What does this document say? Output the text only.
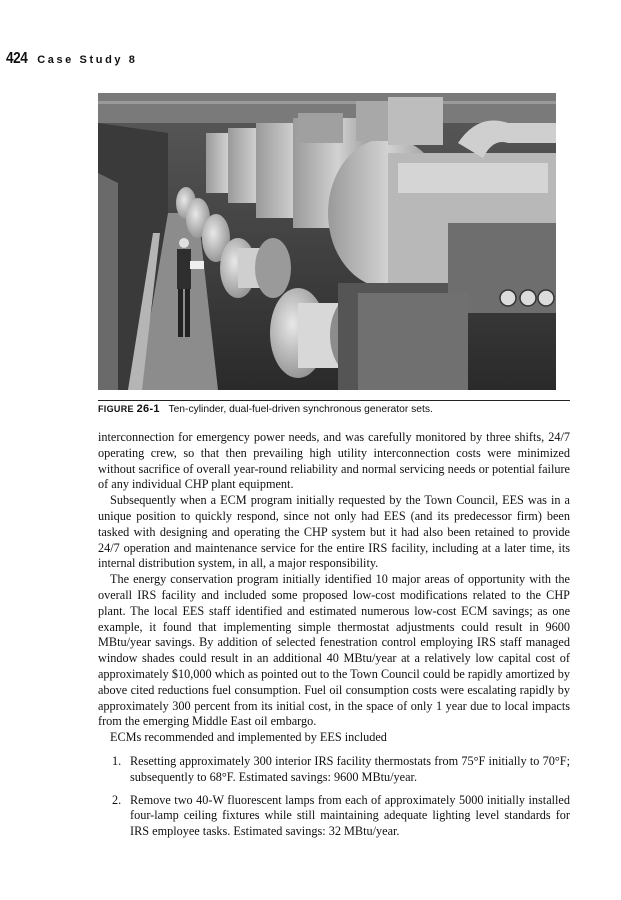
424 Case Study 8
FIGURE 26-1 Ten-cylinder, dual-fuel-driven synchronous generator sets.

interconnection for emergency power needs, and was carefully monitored by three shifts, 24/7 operating crew, so that then prevailing high utility interconnection costs were minimized without sacrifice of overall year-round reliability and normal servicing needs or potential failure of any individual CHP plant equipment.

Subsequently when a ECM program initially requested by the Town Council, EES was in a unique position to quickly respond, since not only had EES (and its predecessor firm) been tasked with designing and operating the CHP system but it had also been retained to provide 24/7 operation and maintenance service for the entire IRS facility, including at a later time, its internal distribution system, in all, a major responsibility.

The energy conservation program initially identified 10 major areas of opportunity with the overall IRS facility and included some proposed low-cost modifications related to the CHP plant. The local EES staff identified and estimated numerous low-cost ECM savings; as one example, it found that implementing simple thermostat adjustments could result in 9600 MBtu/year savings. By addition of selected fenestration control employing IRS staff managed window shades could result in an additional 40 MBtu/year at a relatively low capital cost of approximately $10,000 which as pointed out to the Town Council could be rapidly amortized by above cited reductions fuel consumption. Fuel oil consumption costs were escalating rapidly by approximately 300 percent from its initial cost, in the space of only 1 year due to local impacts from the emerging Middle East oil embargo.

ECMs recommended and implemented by EES included

1. Resetting approximately 300 interior IRS facility thermostats from 75°F initially to 70°F; subsequently to 68°F. Estimated savings: 9600 MBtu/year.
2. Remove two 40-W fluorescent lamps from each of approximately 5000 initially installed four-lamp ceiling fixtures while still maintaining adequate lighting level standards for IRS employee tasks. Estimated savings: 32 MBtu/year.
